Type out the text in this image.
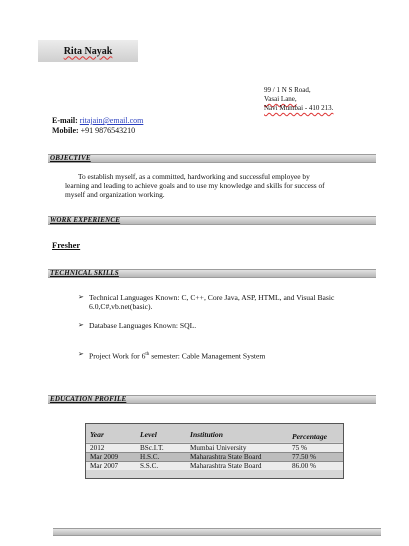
Rita Nayak
99 / 1 N S Road,
Vasai Lane,
Navi Mumbai - 410 213.
E-mail: ritajain@email.com
Mobile: +91 9876543210
OBJECTIVE
To establish myself, as a committed, hardworking and successful employee by
learning and leading to achieve goals and to use my knowledge and skills for success of
myself and organization working.
WORK EXPERIENCE
Fresher
TECHNICAL SKILLS
➢ Technical Languages Known: C, C++, Core Java, ASP, HTML, and Visual Basic
6.0,C#,vb.net(basic).
➢ Database Languages Known: SQL.
➢ Project Work for 6th semester: Cable Management System
EDUCATION PROFILE
Year	Level	Institution	Percentage
2012	BSc.I.T.	Mumbai University	75 %
Mar 2009	H.S.C.	Maharashtra State Board	77.50 %
Mar 2007	S.S.C.	Maharashtra State Board	86.00 %
